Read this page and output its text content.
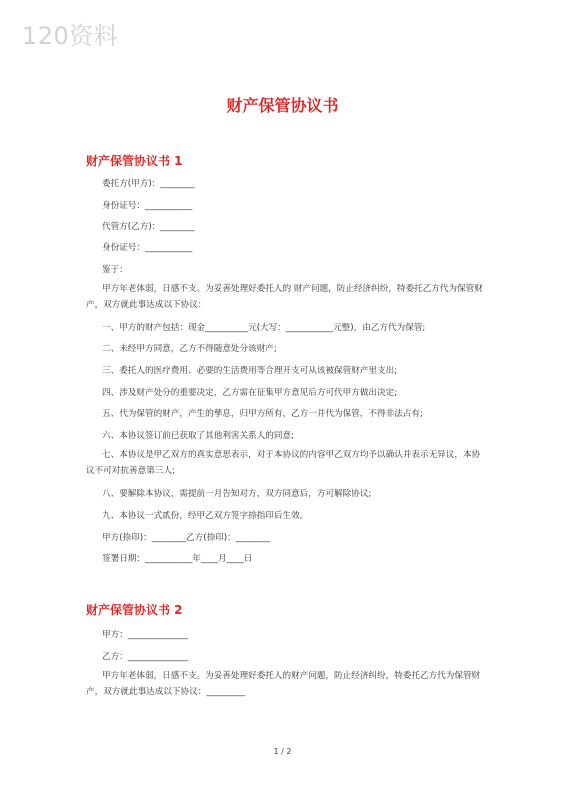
120资料
财产保管协议书
财产保管协议书 1
委托方(甲方)：________
身份证号：___________
代管方(乙方)：________
身份证号：___________
鉴于：
甲方年老体弱，日感不支。为妥善处理好委托人的 财产问题，防止经济纠纷，特委托乙方代为保管财产，双方就此事达成以下协议：
一、甲方的财产包括：现金__________元(大写：___________元整)，由乙方代为保管;
二、未经甲方同意，乙方不得随意处分该财产;
三、委托人的医疗费用、必要的生活费用等合理开支可从该被保管财产里支出;
四、涉及财产处分的重要决定，乙方需在征集甲方意见后方可代甲方做出决定;
五、代为保管的财产，产生的孳息，归甲方所有，乙方一并代为保管，不得非法占有;
六、本协议签订前已获取了其他利害关系人的同意;
七、本协议是甲乙双方的真实意思表示，对于本协议的内容甲乙双方均予以确认并表示无异议，本协议不可对抗善意第三人;
八、要解除本协议，需提前一月告知对方，双方同意后，方可解除协议;
九、本协议一式贰份，经甲乙双方签字捺指印后生效。
甲方(捺印)：________乙方(捺印)：________
签署日期：___________年____月____日
财产保管协议书 2
甲方：______________
乙方：______________
甲方年老体弱，日感不支。为妥善处理好委托人的财产问题，防止经济纠纷，特委托乙方代为保管财产，双方就此事达成以下协议：_________
1 / 2
